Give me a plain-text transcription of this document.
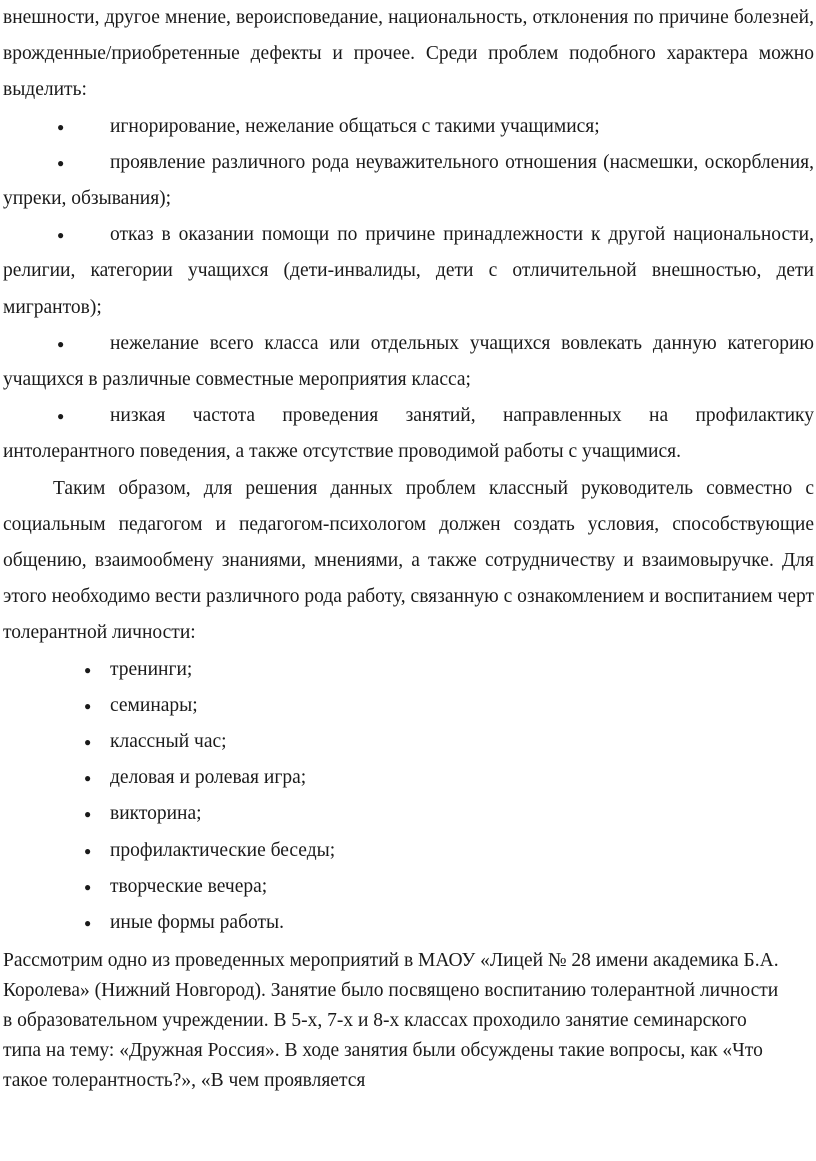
внешности, другое мнение, вероисповедание, национальность, отклонения по причине болезней, врожденные/приобретенные дефекты и прочее. Среди проблем подобного характера можно выделить:

● игнорирование, нежелание общаться с такими учащимися;

● проявление различного рода неуважительного отношения (насмешки, оскорбления, упреки, обзывания);

● отказ в оказании помощи по причине принадлежности к другой национальности, религии, категории учащихся (дети-инвалиды, дети с отличительной внешностью, дети мигрантов);

● нежелание всего класса или отдельных учащихся вовлекать данную категорию учащихся в различные совместные мероприятия класса;

● низкая частота проведения занятий, направленных на профилактику интолерантного поведения, а также отсутствие проводимой работы с учащимися.

Таким образом, для решения данных проблем классный руководитель совместно с социальным педагогом и педагогом-психологом должен создать условия, способствующие общению, взаимообмену знаниями, мнениями, а также сотрудничеству и взаимовыручке. Для этого необходимо вести различного рода работу, связанную с ознакомлением и воспитанием черт толерантной личности:

● тренинги;
● семинары;
● классный час;
● деловая и ролевая игра;
● викторина;
● профилактические беседы;
● творческие вечера;
● иные формы работы.

Рассмотрим одно из проведенных мероприятий в МАОУ «Лицей № 28 имени академика Б.А. Королева» (Нижний Новгород). Занятие было посвящено воспитанию толерантной личности в образовательном учреждении. В 5-х, 7-х и 8-х классах проходило занятие семинарского типа на тему: «Дружная Россия». В ходе занятия были обсуждены такие вопросы, как «Что такое толерантность?», «В чем проявляется
